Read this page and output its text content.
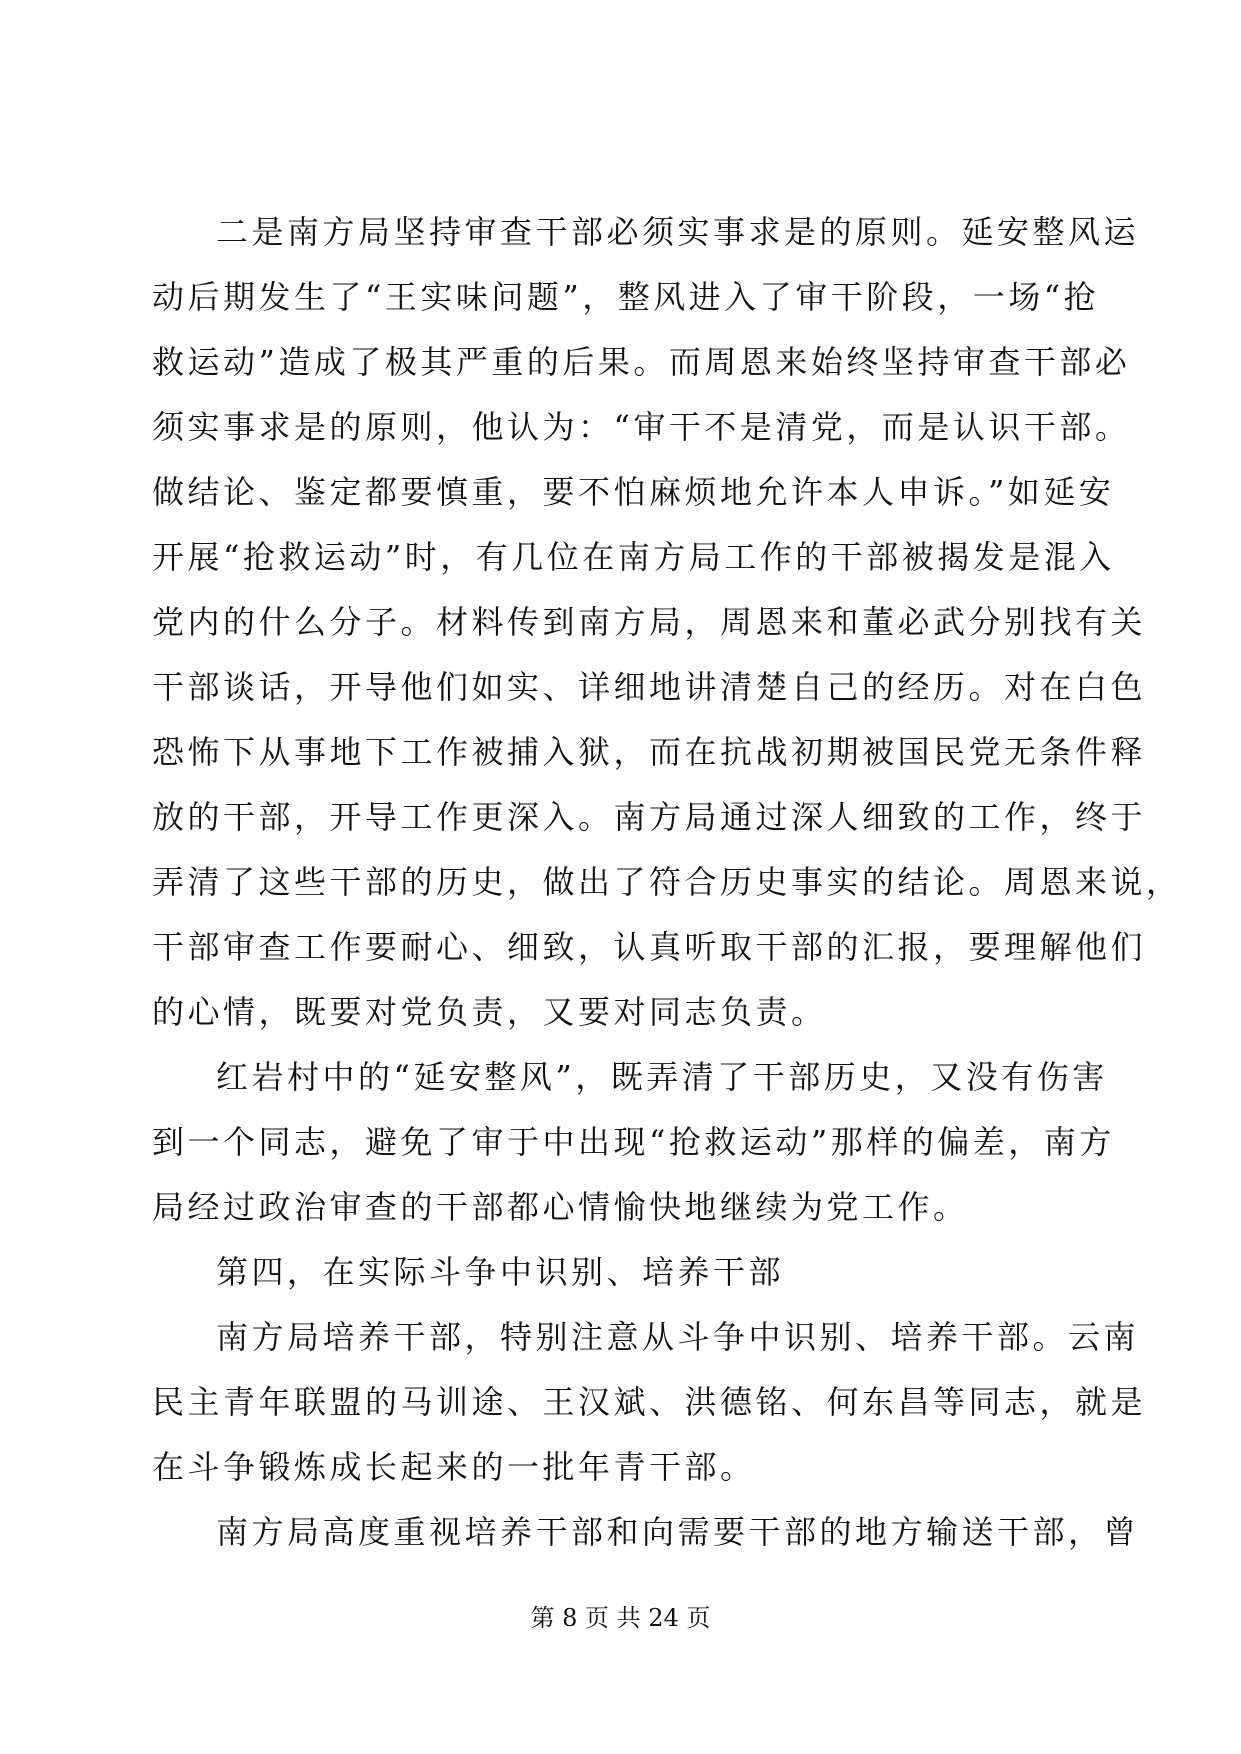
二是南方局坚持审查干部必须实事求是的原则。延安整风运
动后期发生了“王实味问题”，整风进入了审干阶段，一场“抢
救运动”造成了极其严重的后果。而周恩来始终坚持审查干部必
须实事求是的原则，他认为：“审干不是清党，而是认识干部。
做结论、鉴定都要慎重，要不怕麻烦地允许本人申诉。”如延安
开展“抢救运动”时，有几位在南方局工作的干部被揭发是混入
党内的什么分子。材料传到南方局，周恩来和董必武分别找有关
干部谈话，开导他们如实、详细地讲清楚自己的经历。对在白色
恐怖下从事地下工作被捕入狱，而在抗战初期被国民党无条件释
放的干部，开导工作更深入。南方局通过深人细致的工作，终于
弄清了这些干部的历史，做出了符合历史事实的结论。周恩来说，
干部审查工作要耐心、细致，认真听取干部的汇报，要理解他们
的心情，既要对党负责，又要对同志负责。
红岩村中的“延安整风”，既弄清了干部历史，又没有伤害
到一个同志，避免了审于中出现“抢救运动”那样的偏差，南方
局经过政治审查的干部都心情愉快地继续为党工作。
第四，在实际斗争中识别、培养干部
南方局培养干部，特别注意从斗争中识别、培养干部。云南
民主青年联盟的马训途、王汉斌、洪德铭、何东昌等同志，就是
在斗争锻炼成长起来的一批年青干部。
南方局高度重视培养干部和向需要干部的地方输送干部，曾
第 8 页 共 24 页
